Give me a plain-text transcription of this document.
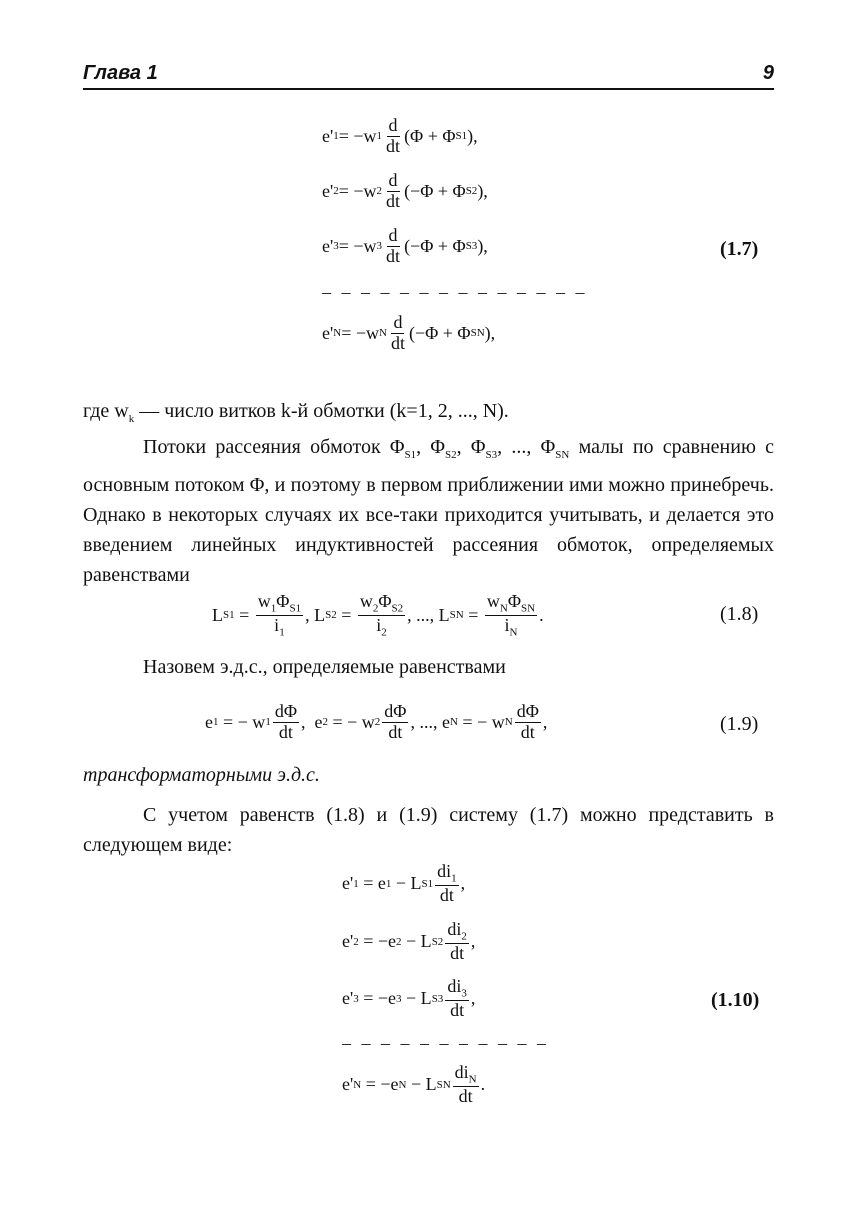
Глава 1	9
e' 1 = −w $1 \frac{d}{dt} (\Phi + \Phi$ S1 ),
e' 2 = −w $2 \frac{d}{dt} (-\Phi + \Phi$ S2 ),
e' 3 = −w $3 \frac{d}{dt} (-\Phi + \Phi$ S3 ),
– – – – – – – – – – – – – –
e' N = −w N $\frac{d}{dt} (-\Phi + \Phi$ SN ),
(1.7)
где $w_k$ — число витков k-й обмотки (k=1, 2, ..., N).
Потоки рассеяния обмоток $\Phi_{S1}$, $\Phi_{S2}$, $\Phi_{S3}$, ..., $\Phi_{SN}$ малы по сравнению с основным потоком Φ, и поэтому в первом приближении ими можно принебречь. Однако в некоторых случаях их все-таки приходится учитывать, и делается это введением линейных индуктивностей рассеяния обмоток, определяемых равенствами
L $S1 = \frac{w_1\Phi_{S1}}{i_1}$ , L $S2 = \frac{w_2\Phi_{S2}}{i_2}$ , ..., L SN = $\frac{w_N\Phi_{SN}}{i_N}$ .	(1.8)
Назовем э.д.с., определяемые равенствами
e 1 = − w $1 \frac{d\Phi}{dt}$ , e 2 = − w $2 \frac{d\Phi}{dt}$ , ..., e N = − w N $\frac{d\Phi}{dt}$ ,	(1.9)
трансформаторными э.д.с.
С учетом равенств (1.8) и (1.9) систему (1.7) можно представить в следующем виде:
e' 1 = e 1 − L $S1 \frac{di_1}{dt}$ ,
e' 2 = −e 2 − L $S2 \frac{di_2}{dt}$ ,
e' 3 = −e 3 − L $S3 \frac{di_3}{dt}$ ,
– – – – – – – – – – –
e' N = −e N − L SN $\frac{di_N}{dt}$ .
(1.10)
